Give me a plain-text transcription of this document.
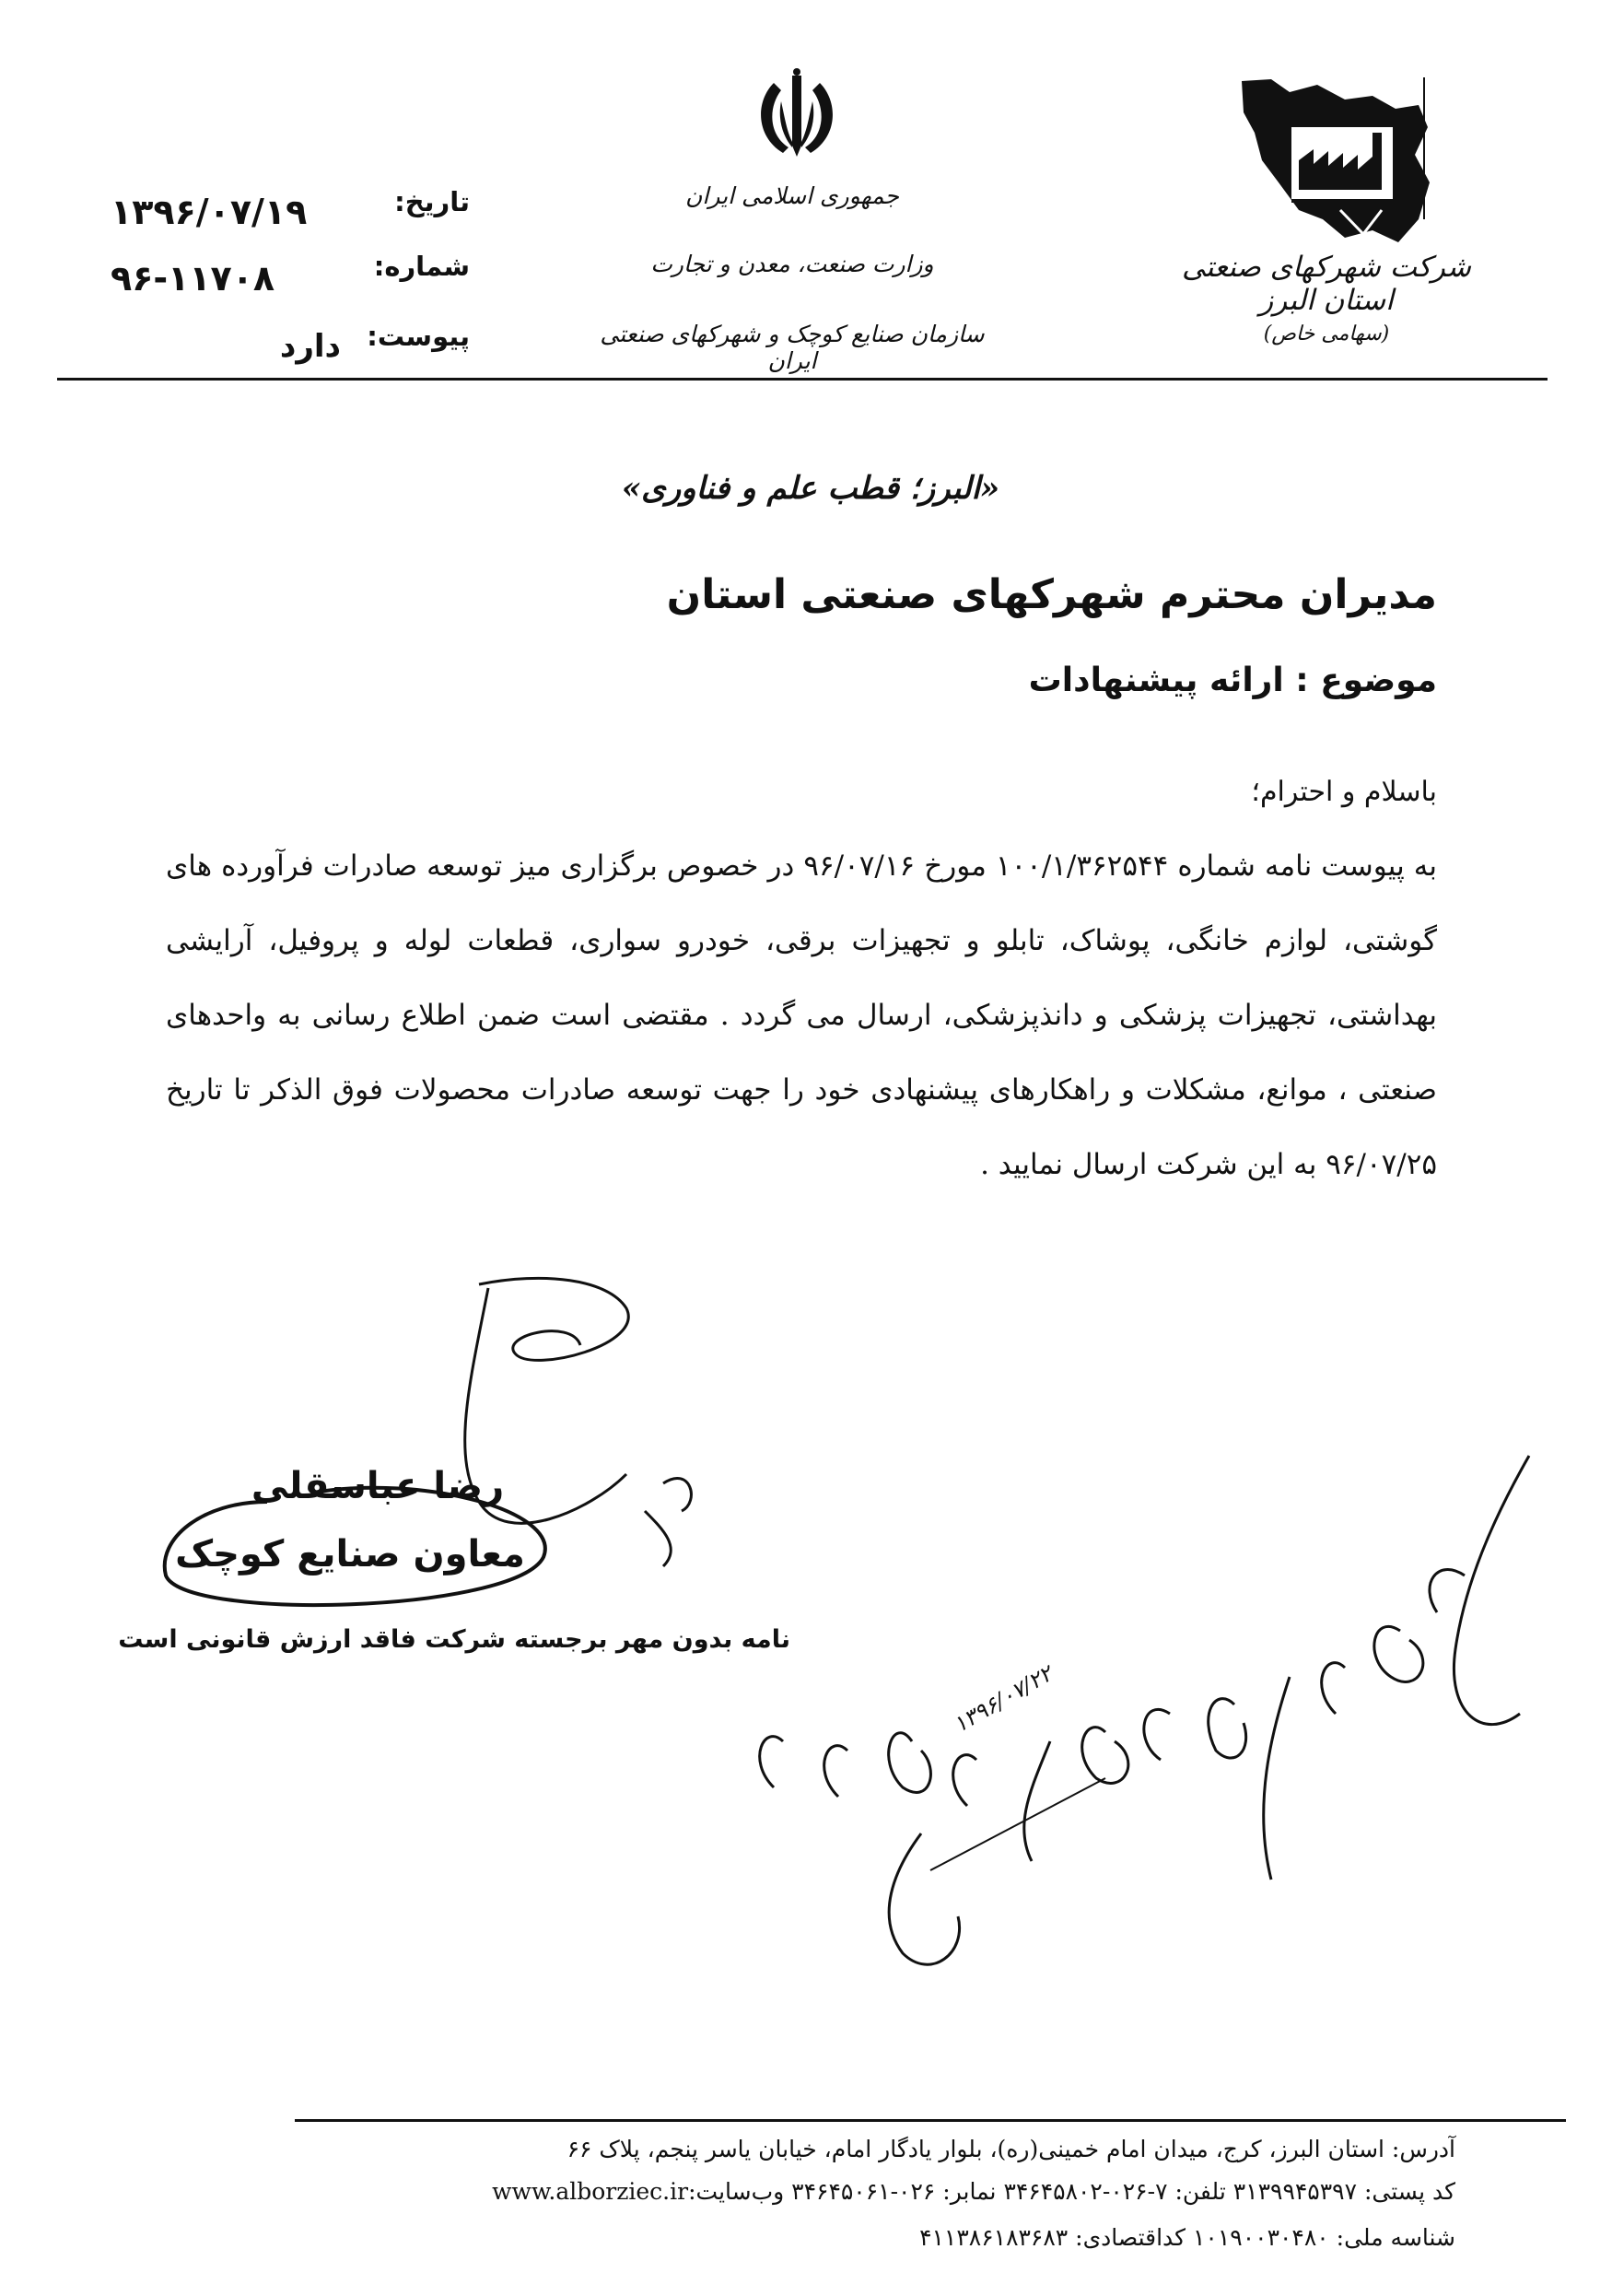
شرکت شهرکهای صنعتی استان البرز
(سهامی خاص)
جمهوری اسلامی ایران
وزارت صنعت، معدن و تجارت
سازمان صنایع کوچک و شهرکهای صنعتی ایران
تاریخ:
۱۳۹۶/۰۷/۱۹
شماره:
۹۶-۱۱۷۰۸
پیوست:
دارد
«البرز؛ قطب علم و فناوری»
مدیران محترم شهرکهای صنعتی استان
موضوع : ارائه پیشنهادات
باسلام و احترام؛
به پیوست نامه شماره ۱۰۰/۱/۳۶۲۵۴۴ مورخ ۹۶/۰۷/۱۶ در خصوص برگزاری میز توسعه صادرات فرآورده های گوشتی، لوازم خانگی، پوشاک، تابلو و تجهیزات برقی، خودرو سواری، قطعات لوله و پروفیل، آرایشی بهداشتی، تجهیزات پزشکی و دانذپزشکی، ارسال می گردد . مقتضی است ضمن اطلاع رسانی به واحدهای صنعتی ، موانع، مشکلات و راهکارهای پیشنهادی خود را جهت توسعه صادرات محصولات فوق الذکر تا تاریخ ۹۶/۰۷/۲۵ به این شرکت ارسال نمایید .
رضا عباسقلی
معاون صنایع کوچک
نامه بدون مهر برجسته شرکت فاقد ارزش قانونی است
۱۳۹۶/۰۷/۲۲
آدرس: استان البرز، کرج، میدان امام خمینی(ره)، بلوار یادگار امام، خیابان یاسر پنجم، پلاک ۶۶
کد پستی: ۳۱۳۹۹۴۵۳۹۷ تلفن: ۷-۰۲۶-۳۴۶۴۵۸۰۲ نمابر: ۰۲۶-۳۴۶۴۵۰۶۱ وب‌سایت:www.alborziec.ir
شناسه ملی: ۱۰۱۹۰۰۳۰۴۸۰ کداقتصادی: ۴۱۱۳۸۶۱۸۳۶۸۳
